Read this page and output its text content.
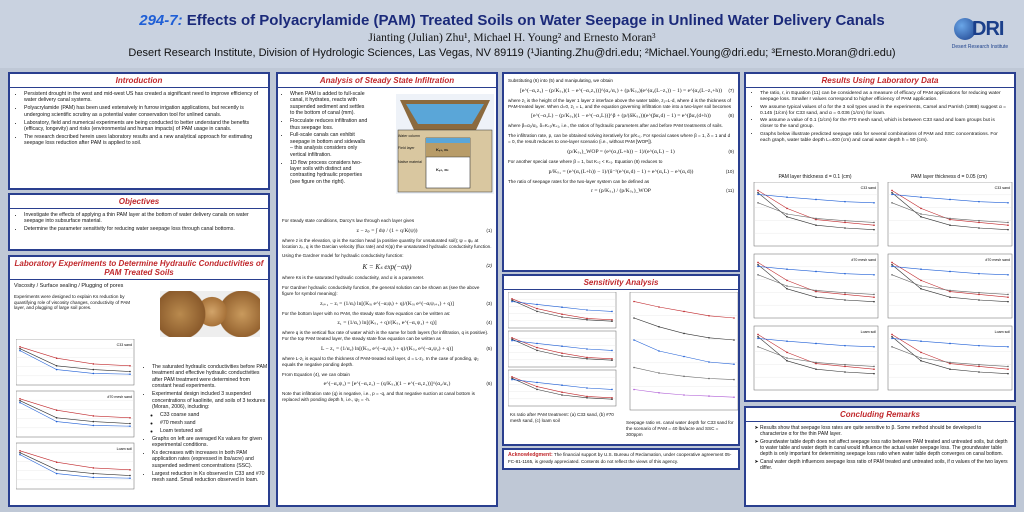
294-7: Effects of Polyacrylamide (PAM) Treated Soils on Water Seepage in Unlined Water Delivery Canals
Jianting (Julian) Zhu¹, Michael H. Young² and Ernesto Moran³
Desert Research Institute, Division of Hydrologic Sciences, Las Vegas, NV 89119 (¹Jianting.Zhu@dri.edu; ²Michael.Young@dri.edu; ³Ernesto.Moran@dri.edu)
DRI
Desert Research Institute
Introduction
• Persistent drought in the west and mid-west US has created a significant need to improve efficiency of water delivery canal systems.
• Polyacrylamide (PAM) has been used extensively in furrow irrigation applications, but recently is undergoing scientific scrutiny as a potential water conservation tool for unlined canals.
• Laboratory, field and numerical experiments are being conducted to better understand the benefits (efficacy, longevity) and risks (environmental and human impacts) of PAM usage in canals.
• The research described herein uses laboratory results and a new analytical approach for estimating seepage loss reduction after PAM is applied to soil.
Objectives
• Investigate the effects of applying a thin PAM layer at the bottom of water delivery canals on water seepage into subsurface material.
• Determine the parameter sensitivity for reducing water seepage loss through canal bottoms.
Laboratory Experiments to Determine Hydraulic Conductivities of PAM Treated Soils
Viscosity / Surface sealing / Plugging of pores
Experiments were designed to explain Ks reduction by quantifying role of viscosity changes, conductivity of PAM layer, and plugging of large soil pores.
C33 sand
#70 mesh sand
Loam soil
• The saturated hydraulic conductivities before PAM treatment and effective hydraulic conductivities after PAM treatment were determined from constant head experiments.
• Experimental design included 3 suspended concentrations of kaolinite, and soils of 3 textures (Moran, 2006), including:
◦ C33 coarse sand
◦ #70 mesh sand
◦ Loam textured soil
• Graphs on left are averaged Ks values for given experimental conditions.
• Ks decreases with increases in both PAM application rates (expressed in lbs/acre) and suspended sediment concentrations (SSC).
• Largest reduction in Ks observed in C33 and #70 mesh sand. Small reduction observed in loam.
Analysis of Steady State Infiltration
• When PAM is added to full-scale canal, it hydrates, reacts with suspended sediment and settles to the bottom of canal (mm).
• Flocculate reduces infiltration and thus seepage loss.
• Full-scale canals can exhibit seepage in bottom and sidewalls – this analysis considers only vertical infiltration.
• 1D flow process considers two-layer soils with distinct and contrasting hydraulic properties (see figure on the right).
Water column
Field layer
Native material
Kₛ₁, α₁
Kₛ₂, α₂
For steady state conditions, Darcy's law through each layer gives
z − zₚ = ∫ dψ / (1 + q/K(ψ))	(1)
where z is the elevation, ψ is the suction head (a positive quantity for unsaturated soil); ψ = ψₚ at location zₚ, q is the Darcian velocity (flux rate) and K(ψ) the unsaturated hydraulic conductivity function.
Using the Gardner model for hydraulic conductivity function:
K = Kₛ exp(−αψ)	(2)
where Ks is the saturated hydraulic conductivity, and α is a parameter.
For Gardner hydraulic conductivity function, the general solution can be shown as (see the above figure for symbol meaning):
zᵢ₊₁ − zᵢ = (1/αᵢ) ln[(Kₛᵢ e^(−αᵢψᵢ) + q)/(Kₛᵢ e^(−αᵢψᵢ₊₁) + q)]	(3)
For the bottom layer with no PAM, the steady state flow equation can be written as:
z₁ = (1/α₁) ln[(Kₛ₁ + q)/(Kₛ₁ e^(−α₁ψ₁) + q)]	(4)
where q is the vertical flux rate of water which is the same for both layers (for infiltration, q is positive). For the top PAM treated layer, the steady state flow equation can be written as
L − z₁ = (1/α₂) ln[(Kₛ₂ e^(−α₂ψ₁) + q)/(Kₛ₂ e^(−α₂ψ₂) + q)]	(5)
where L-z₁ is equal to the thickness of PAM-treated soil layer, d = L-z₁. In the case of ponding, ψ₂ equals the negative ponding depth.
From Equation (4), we can obtain
e^(−α₂ψ₁) = [e^(−α₁z₁) − (q/Kₛ₁)(1 − e^(−α₁z₁))]^(α₂/α₁)	(6)
Note that infiltration rate (q) is negative, i.e., p = -q, and that negative suction at canal bottom is replaced with ponding depth h, i.e., ψ₂ = -h.
Substituting (6) into (5) and manipulating, we obtain
[e^(−α₁z₁) − (p/Kₛ₁)(1 − e^(−α₁z₁))]^(α₂/α₁) + (p/Kₛ₂)(e^(α₂(L−z₁)) − 1) = e^(α₂(L−z₁+h)) (7)
where z₁ is the height of the layer 1 layer 2 interface above the water table, z₁=L-d, where d is the thickness of PAM-treated layer. When d=0, z₁ = L, and the equation governing infiltration rate into a two-layer soil becomes
[e^(−α₁L) − (p/Kₛ₁)(1 − e^(−α₁L))]^β + (p/(δKₛ₁))(e^(βα₁d) − 1) = e^(βα₁(d+h))	(8)
where β=α₂/α₁, δ=Kₛ₂/Kₛ₁, i.e., the ratios of hydraulic parameters after and before PAM treatments of soils.
The infiltration rate, p, can be obtained solving iteratively for p/Kₛ₁. For special cases where β = 1, δ = 1 and d = 0, the result reduces to one-layer scenario (i.e., without PAM [WOP]).
(p/Kₛ₁)_WOP = (e^(α₁(L+h)) − 1)/(e^(α₁L) − 1)	(9)
For another special case where β = 1, but Kₛ₂ < Kₛ₁. Equation (8) reduces to
p/Kₛ₁ = (e^(α₁(L+h)) − 1)/(δ⁻¹(e^(α₁d) − 1) + e^(α₁L) − e^(α₁d))	(10)
The ratio of seepage rates for the two-layer system can be defined as
r = (p/Kₛ₁) / (p/Kₛ₁)_WOP	(11)
Sensitivity Analysis
Ks ratio after PAM treatment: (a) C33 sand, (b) #70 mesh sand, (c) loam soil	Seepage ratio vs. canal water depth for C33 sand for the scenario of PAM = 40 lbs/acre and SSC = 300ppm
Acknowledgment: The financial support by U.S. Bureau of Reclamation, under cooperative agreement 05-FC-81-1165, is greatly appreciated. Contents do not reflect the views of this agency.
Results Using Laboratory Data
• The ratio, r, in Equation (11) can be considered as a measure of efficacy of PAM applications for reducing water seepage loss. Smaller r values correspond to higher efficiency of PAM application.
• We assume typical values of α for the 3 soil types used in the experiments, Carsel and Parrish (1988) suggest α = 0.145 (1/cm) for C33 sand, and α = 0.036 (1/cm) for loam.
• We assume a value of 0.1 (1/cm) for the #70 mesh sand, which is between C33 sand and loam groups but is closer to the sand group.
• Graphs below illustrate predicted seepage ratio for several combinations of PAM and SSC concentrations. For each graph, water table depth L=400 (cm) and canal water depth h = 50 (cm).
PAM layer thickness d = 0.1 (cm)	PAM layer thickness d = 0.05 (cm)
C33 sand	C33 sand
#70 mesh sand	#70 mesh sand
Loam soil	Loam soil
Concluding Remarks
➤ Results show that seepage loss rates are quite sensitive to β. Some method should be developed to characterize α for the thin PAM layer.
➤ Groundwater table depth does not affect seepage loss ratio between PAM treated and untreated soils, but depth to water table and water depth in canal would influence the actual water seepage loss. The groundwater table depth is only important for determining seepage loss ratio when water table depth converges on canal bottom.
➤ Canal water depth influences seepage loss ratio of PAM treated and untreated soils, if α values of the two layers differ.
